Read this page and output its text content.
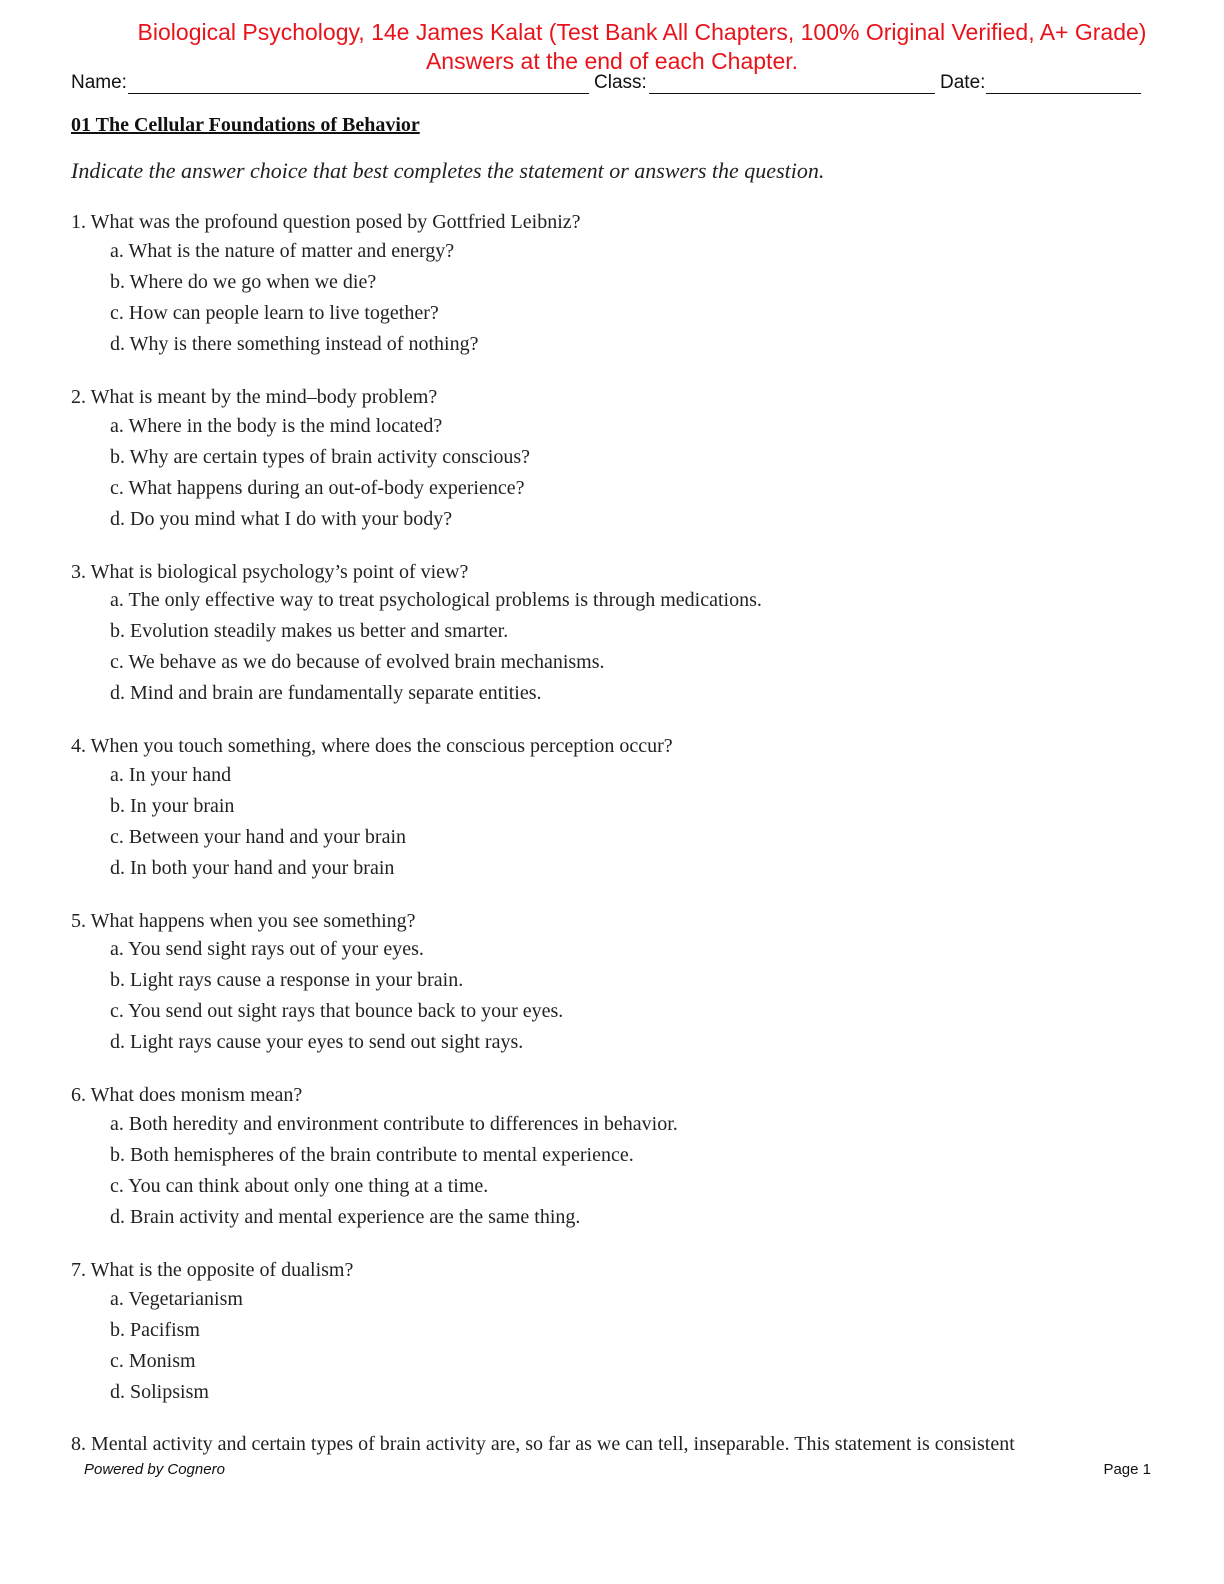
Biological Psychology, 14e James Kalat (Test Bank All Chapters, 100% Original Verified, A+ Grade)
Answers at the end of each Chapter.
Name:	Class:	Date:
01 The Cellular Foundations of Behavior
Indicate the answer choice that best completes the statement or answers the question.
1. What was the profound question posed by Gottfried Leibniz?
a. What is the nature of matter and energy?
b. Where do we go when we die?
c. How can people learn to live together?
d. Why is there something instead of nothing?
2. What is meant by the mind–body problem?
a. Where in the body is the mind located?
b. Why are certain types of brain activity conscious?
c. What happens during an out-of-body experience?
d. Do you mind what I do with your body?
3. What is biological psychology’s point of view?
a. The only effective way to treat psychological problems is through medications.
b. Evolution steadily makes us better and smarter.
c. We behave as we do because of evolved brain mechanisms.
d. Mind and brain are fundamentally separate entities.
4. When you touch something, where does the conscious perception occur?
a. In your hand
b. In your brain
c. Between your hand and your brain
d. In both your hand and your brain
5. What happens when you see something?
a. You send sight rays out of your eyes.
b. Light rays cause a response in your brain.
c. You send out sight rays that bounce back to your eyes.
d. Light rays cause your eyes to send out sight rays.
6. What does monism mean?
a. Both heredity and environment contribute to differences in behavior.
b. Both hemispheres of the brain contribute to mental experience.
c. You can think about only one thing at a time.
d. Brain activity and mental experience are the same thing.
7. What is the opposite of dualism?
a. Vegetarianism
b. Pacifism
c. Monism
d. Solipsism
8. Mental activity and certain types of brain activity are, so far as we can tell, inseparable. This statement is consistent
Powered by Cognero	Page 1
